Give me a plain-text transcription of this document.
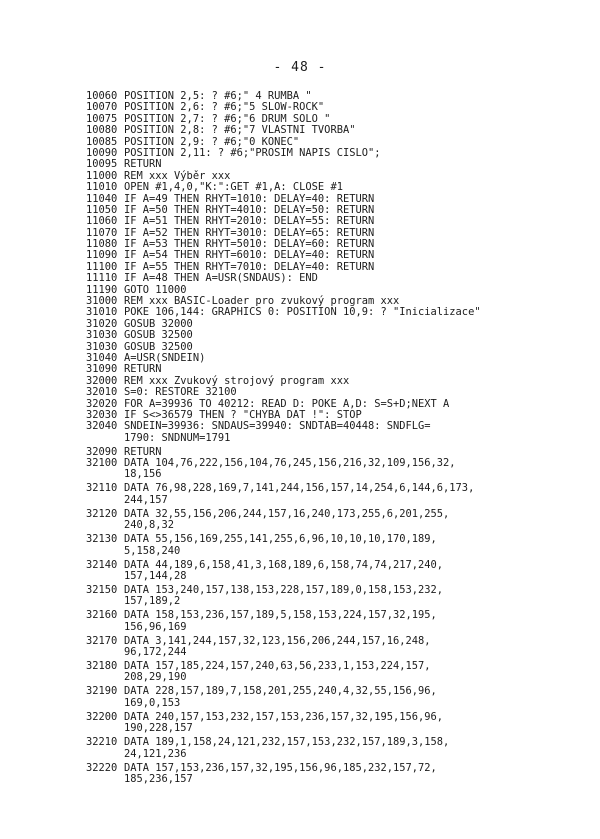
- 48 -
10060 POSITION 2,5: ? #6;" 4 RUMBA "
10070 POSITION 2,6: ? #6;"5 SLOW-ROCK"
10075 POSITION 2,7: ? #6;"6 DRUM SOLO "
10080 POSITION 2,8: ? #6;"7 VLASTNI TVORBA"
10085 POSITION 2,9: ? #6;"0 KONEC"
10090 POSITION 2,11: ? #6;"PROSIM NAPIS CISLO";
10095 RETURN
11000 REM xxx Výběr xxx
11010 OPEN #1,4,0,"K:":GET #1,A: CLOSE #1
11040 IF A=49 THEN RHYT=1010: DELAY=40: RETURN
11050 IF A=50 THEN RHYT=4010: DELAY=50: RETURN
11060 IF A=51 THEN RHYT=2010: DELAY=55: RETURN
11070 IF A=52 THEN RHYT=3010: DELAY=65: RETURN
11080 IF A=53 THEN RHYT=5010: DELAY=60: RETURN
11090 IF A=54 THEN RHYT=6010: DELAY=40: RETURN
11100 IF A=55 THEN RHYT=7010: DELAY=40: RETURN
11110 IF A=48 THEN A=USR(SNDAUS): END
11190 GOTO 11000
31000 REM xxx BASIC-Loader pro zvukový program xxx
31010 POKE 106,144: GRAPHICS 0: POSITION 10,9: ? "Inicializace"
31020 GOSUB 32000
31030 GOSUB 32500
31030 GOSUB 32500
31040 A=USR(SNDEIN)
31090 RETURN
32000 REM xxx Zvukový strojový program xxx
32010 S=0: RESTORE 32100
32020 FOR A=39936 TO 40212: READ D: POKE A,D: S=S+D;NEXT A
32030 IF S<>36579 THEN ? "CHYBA DAT !": STOP
32040 SNDEIN=39936: SNDAUS=39940: SNDTAB=40448: SNDFLG=
1790: SNDNUM=1791
32090 RETURN
32100 DATA 104,76,222,156,104,76,245,156,216,32,109,156,32,
18,156
32110 DATA 76,98,228,169,7,141,244,156,157,14,254,6,144,6,173,
244,157
32120 DATA 32,55,156,206,244,157,16,240,173,255,6,201,255,
240,8,32
32130 DATA 55,156,169,255,141,255,6,96,10,10,10,170,189,
5,158,240
32140 DATA 44,189,6,158,41,3,168,189,6,158,74,74,217,240,
157,144,28
32150 DATA 153,240,157,138,153,228,157,189,0,158,153,232,
157,189,2
32160 DATA 158,153,236,157,189,5,158,153,224,157,32,195,
156,96,169
32170 DATA 3,141,244,157,32,123,156,206,244,157,16,248,
96,172,244
32180 DATA 157,185,224,157,240,63,56,233,1,153,224,157,
208,29,190
32190 DATA 228,157,189,7,158,201,255,240,4,32,55,156,96,
169,0,153
32200 DATA 240,157,153,232,157,153,236,157,32,195,156,96,
190,228,157
32210 DATA 189,1,158,24,121,232,157,153,232,157,189,3,158,
24,121,236
32220 DATA 157,153,236,157,32,195,156,96,185,232,157,72,
185,236,157
